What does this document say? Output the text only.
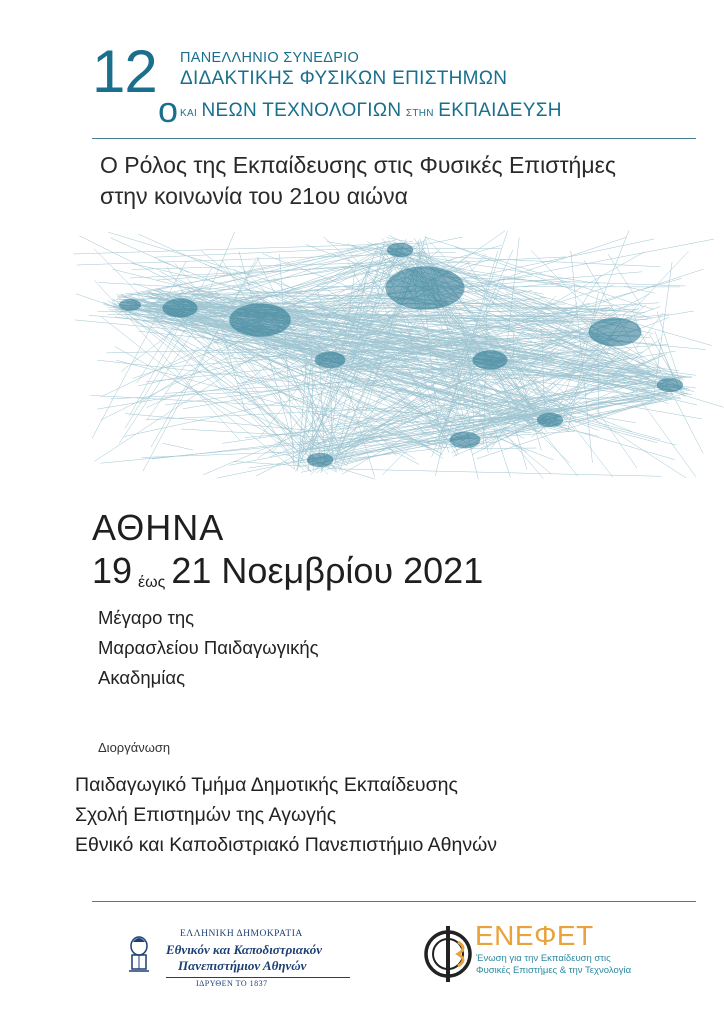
12
ο
ΠΑΝΕΛΛΗΝΙΟ ΣΥΝΕΔΡΙΟ
ΔΙΔΑΚΤΙΚΗΣ ΦΥΣΙΚΩΝ ΕΠΙΣΤΗΜΩΝ
ΚΑΙ ΝΕΩΝ ΤΕΧΝΟΛΟΓΙΩΝ ΣΤΗΝ ΕΚΠΑΙΔΕΥΣΗ
Ο Ρόλος της Εκπαίδευσης στις Φυσικές Επιστήμες
στην κοινωνία του 21ου αιώνα
ΑΘΗΝΑ
19 έως 21 Νοεμβρίου 2021
Μέγαρο της
Μαρασλείου Παιδαγωγικής
Ακαδημίας
Διοργάνωση
Παιδαγωγικό Τμήμα Δημοτικής Εκπαίδευσης
Σχολή Επιστημών της Αγωγής
Εθνικό και Καποδιστριακό Πανεπιστήμιο Αθηνών
ΕΛΛΗΝΙΚΗ ΔΗΜΟΚΡΑΤΙΑ
Εθνικόν και Καποδιστριακόν
Πανεπιστήμιον Αθηνών
ΙΔΡΥΘΕΝ ΤΟ 1837
ΕΝΕΦΕΤ
Ένωση για την Εκπαίδευση στις
Φυσικές Επιστήμες & την Τεχνολογία
